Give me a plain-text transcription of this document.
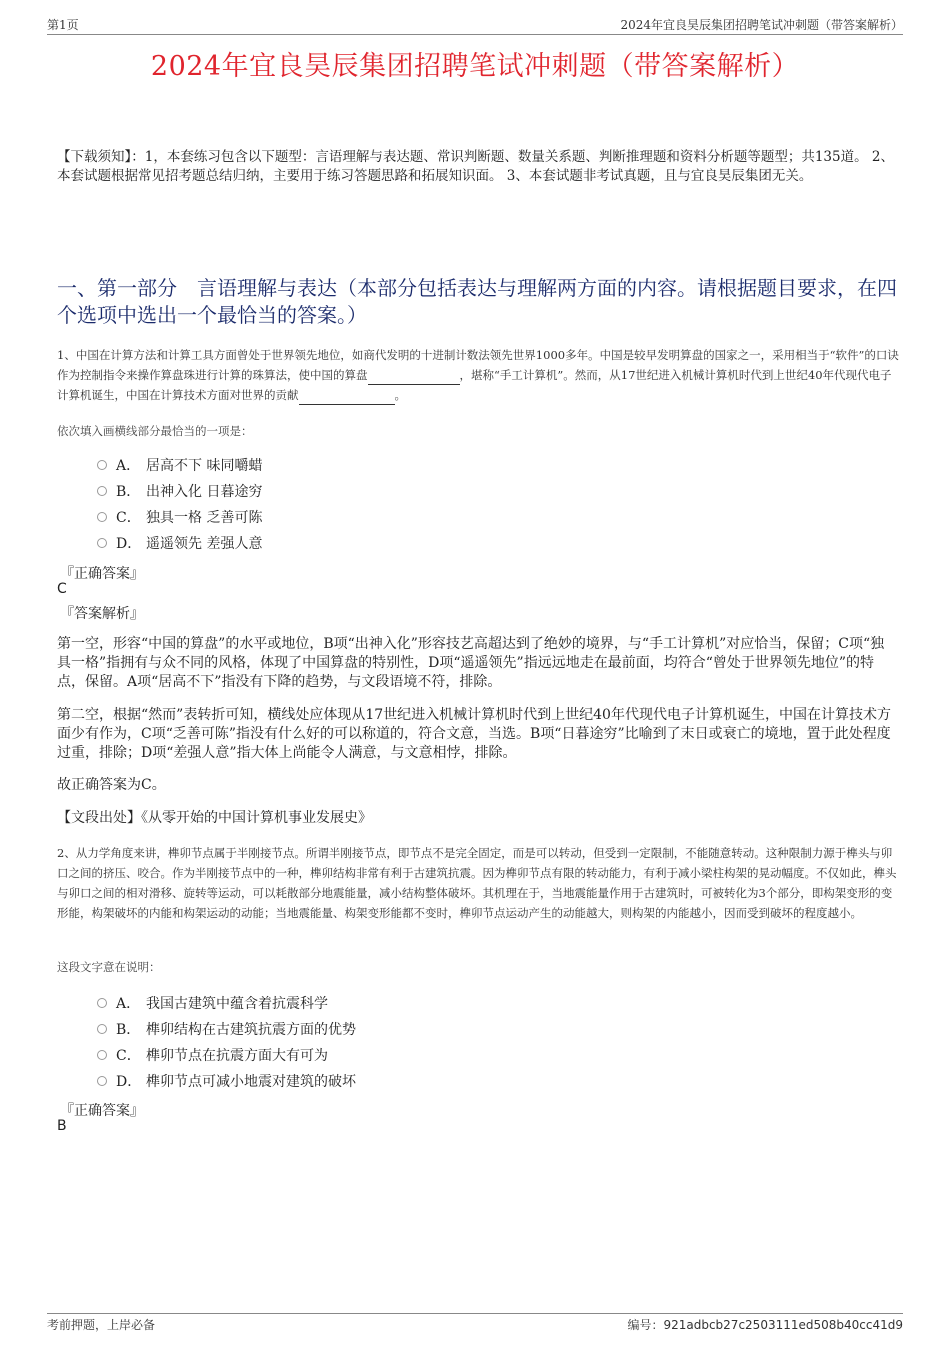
第1页	2024年宜良昊辰集团招聘笔试冲刺题（带答案解析）
2024年宜良昊辰集团招聘笔试冲刺题（带答案解析）
【下载须知】：1，本套练习包含以下题型：言语理解与表达题、常识判断题、数量关系题、判断推理题和资料分析题等题型；共135道。 2、本套试题根据常见招考题总结归纳，主要用于练习答题思路和拓展知识面。 3、本套试题非考试真题，且与宜良昊辰集团无关。
一、第一部分　言语理解与表达（本部分包括表达与理解两方面的内容。请根据题目要求，在四个选项中选出一个最恰当的答案。）
1、中国在计算方法和计算工具方面曾处于世界领先地位，如商代发明的十进制计数法领先世界1000多年。中国是较早发明算盘的国家之一，采用相当于“软件”的口诀作为控制指令来操作算盘珠进行计算的珠算法，使中国的算盘	，堪称“手工计算机”。然而，从17世纪进入机械计算机时代到上世纪40年代现代电子计算机诞生，中国在计算技术方面对世界的贡献	。
依次填入画横线部分最恰当的一项是：
A． 居高不下 味同嚼蜡
B． 出神入化 日暮途穷
C． 独具一格 乏善可陈
D． 遥遥领先 差强人意
『正确答案』
C
『答案解析』
第一空，形容“中国的算盘”的水平或地位，B项“出神入化”形容技艺高超达到了绝妙的境界，与“手工计算机”对应恰当，保留；C项“独具一格”指拥有与众不同的风格，体现了中国算盘的特别性，D项“遥遥领先”指远远地走在最前面，均符合“曾处于世界领先地位”的特点，保留。A项“居高不下”指没有下降的趋势，与文段语境不符，排除。
第二空，根据“然而”表转折可知，横线处应体现从17世纪进入机械计算机时代到上世纪40年代现代电子计算机诞生，中国在计算技术方面少有作为，C项“乏善可陈”指没有什么好的可以称道的，符合文意，当选。B项“日暮途穷”比喻到了末日或衰亡的境地，置于此处程度过重，排除；D项“差强人意”指大体上尚能令人满意，与文意相悖，排除。
故正确答案为C。
【文段出处】《从零开始的中国计算机事业发展史》
2、从力学角度来讲，榫卯节点属于半刚接节点。所谓半刚接节点，即节点不是完全固定，而是可以转动，但受到一定限制，不能随意转动。这种限制力源于榫头与卯口之间的挤压、咬合。作为半刚接节点中的一种，榫卯结构非常有利于古建筑抗震。因为榫卯节点有限的转动能力，有利于减小梁柱构架的晃动幅度。不仅如此，榫头与卯口之间的相对滑移、旋转等运动，可以耗散部分地震能量，减小结构整体破坏。其机理在于，当地震能量作用于古建筑时，可被转化为3个部分，即构架变形的变形能，构架破坏的内能和构架运动的动能；当地震能量、构架变形能都不变时，榫卯节点运动产生的动能越大，则构架的内能越小，因而受到破坏的程度越小。
这段文字意在说明：
A． 我国古建筑中蕴含着抗震科学
B． 榫卯结构在古建筑抗震方面的优势
C． 榫卯节点在抗震方面大有可为
D． 榫卯节点可减小地震对建筑的破坏
『正确答案』
B
考前押题，上岸必备	编号：921adbcb27c2503111ed508b40cc41d9
